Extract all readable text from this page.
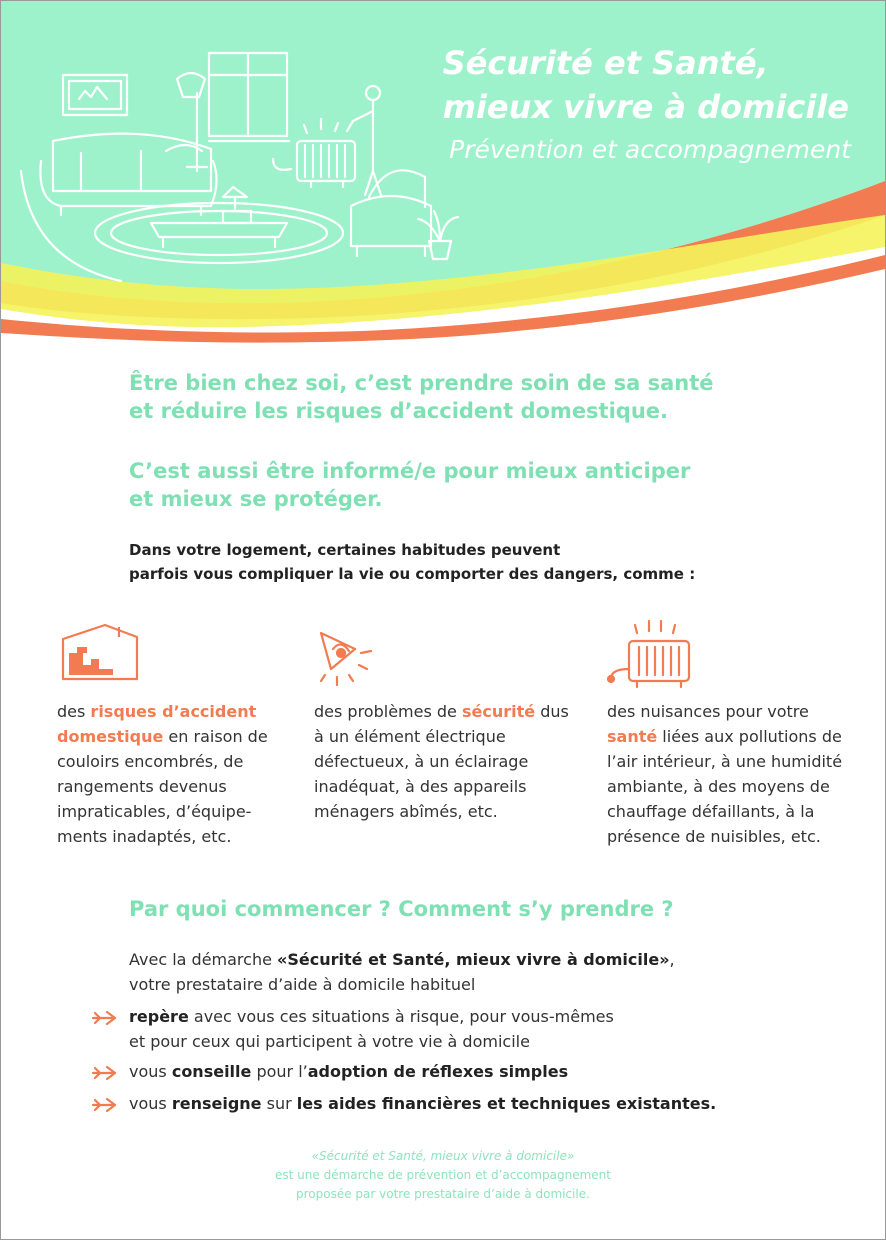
Sécurité et Santé,
mieux vivre à domicile
Prévention et accompagnement
Être bien chez soi, c’est prendre soin de sa santé
et réduire les risques d’accident domestique.
C’est aussi être informé/e pour mieux anticiper
et mieux se protéger.
Dans votre logement, certaines habitudes peuvent
parfois vous compliquer la vie ou comporter des dangers, comme :
des risques d’accident domestique en raison de couloirs encombrés, de rangements devenus impraticables, d’équipe-ments inadaptés, etc.
des problèmes de sécurité dus à un élément électrique défectueux, à un éclairage inadéquat, à des appareils ménagers abîmés, etc.
des nuisances pour votre santé liées aux pollutions de l’air intérieur, à une humidité ambiante, à des moyens de chauffage défaillants, à la présence de nuisibles, etc.
Par quoi commencer ? Comment s’y prendre ?
Avec la démarche «Sécurité et Santé, mieux vivre à domicile»,
votre prestataire d’aide à domicile habituel
repère avec vous ces situations à risque, pour vous-mêmes
et pour ceux qui participent à votre vie à domicile
vous conseille pour l’adoption de réflexes simples
vous renseigne sur les aides financières et techniques existantes.
«Sécurité et Santé, mieux vivre à domicile»
est une démarche de prévention et d’accompagnement
proposée par votre prestataire d’aide à domicile.
